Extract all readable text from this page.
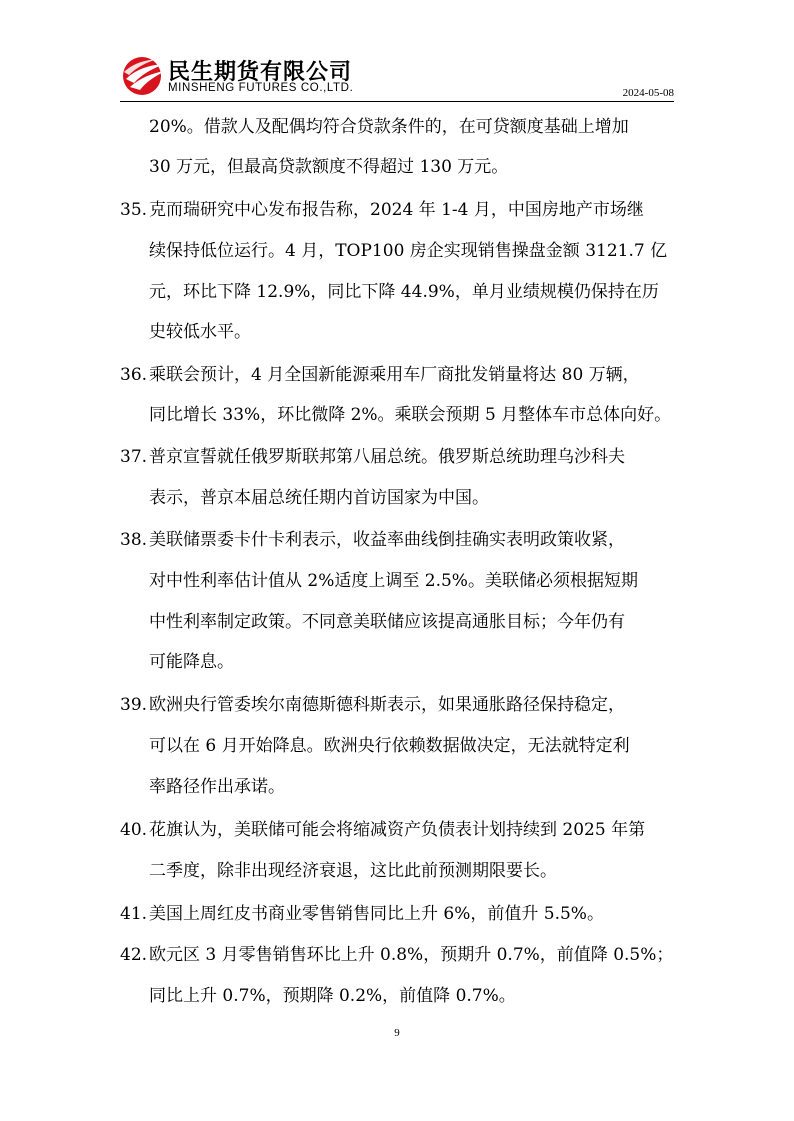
民生期货有限公司
MINSHENG FUTURES CO.,LTD.	2024-05-08
20%。借款人及配偶均符合贷款条件的，在可贷额度基础上增加
30 万元，但最高贷款额度不得超过 130 万元。
35. 克而瑞研究中心发布报告称，2024 年 1-4 月，中国房地产市场继
续保持低位运行。4 月，TOP100 房企实现销售操盘金额 3121.7 亿
元，环比下降 12.9%，同比下降 44.9%，单月业绩规模仍保持在历
史较低水平。
36. 乘联会预计，4 月全国新能源乘用车厂商批发销量将达 80 万辆，
同比增长 33%，环比微降 2%。乘联会预期 5 月整体车市总体向好。
37. 普京宣誓就任俄罗斯联邦第八届总统。俄罗斯总统助理乌沙科夫
表示，普京本届总统任期内首访国家为中国。
38. 美联储票委卡什卡利表示，收益率曲线倒挂确实表明政策收紧，
对中性利率估计值从 2%适度上调至 2.5%。美联储必须根据短期
中性利率制定政策。不同意美联储应该提高通胀目标；今年仍有
可能降息。
39. 欧洲央行管委埃尔南德斯德科斯表示，如果通胀路径保持稳定，
可以在 6 月开始降息。欧洲央行依赖数据做决定，无法就特定利
率路径作出承诺。
40. 花旗认为，美联储可能会将缩减资产负债表计划持续到 2025 年第
二季度，除非出现经济衰退，这比此前预测期限要长。
41. 美国上周红皮书商业零售销售同比上升 6%，前值升 5.5%。
42. 欧元区 3 月零售销售环比上升 0.8%，预期升 0.7%，前值降 0.5%；
同比上升 0.7%，预期降 0.2%，前值降 0.7%。
9
